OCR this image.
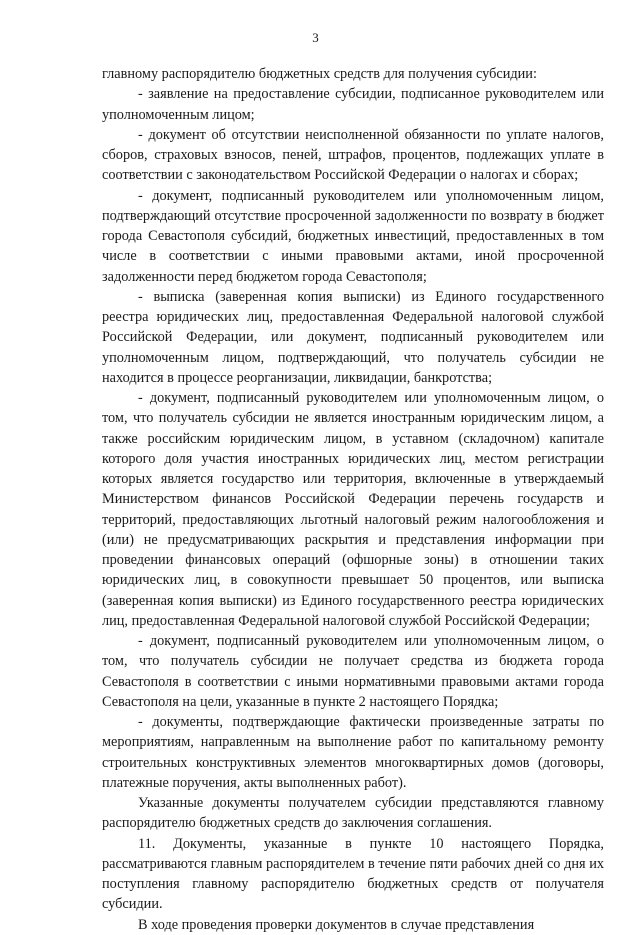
3

главному распорядителю бюджетных средств для получения субсидии:

- заявление на предоставление субсидии, подписанное руководителем или уполномоченным лицом;

- документ об отсутствии неисполненной обязанности по уплате налогов, сборов, страховых взносов, пеней, штрафов, процентов, подлежащих уплате в соответствии с законодательством Российской Федерации о налогах и сборах;

- документ, подписанный руководителем или уполномоченным лицом, подтверждающий отсутствие просроченной задолженности по возврату в бюджет города Севастополя субсидий, бюджетных инвестиций, предоставленных в том числе в соответствии с иными правовыми актами, иной просроченной задолженности перед бюджетом города Севастополя;

- выписка (заверенная копия выписки) из Единого государственного реестра юридических лиц, предоставленная Федеральной налоговой службой Российской Федерации, или документ, подписанный руководителем или уполномоченным лицом, подтверждающий, что получатель субсидии не находится в процессе реорганизации, ликвидации, банкротства;

- документ, подписанный руководителем или уполномоченным лицом, о том, что получатель субсидии не является иностранным юридическим лицом, а также российским юридическим лицом, в уставном (складочном) капитале которого доля участия иностранных юридических лиц, местом регистрации которых является государство или территория, включенные в утверждаемый Министерством финансов Российской Федерации перечень государств и территорий, предоставляющих льготный налоговый режим налогообложения и (или) не предусматривающих раскрытия и представления информации при проведении финансовых операций (офшорные зоны) в отношении таких юридических лиц, в совокупности превышает 50 процентов, или выписка (заверенная копия выписки) из Единого государственного реестра юридических лиц, предоставленная Федеральной налоговой службой Российской Федерации;

- документ, подписанный руководителем или уполномоченным лицом, о том, что получатель субсидии не получает средства из бюджета города Севастополя в соответствии с иными нормативными правовыми актами города Севастополя на цели, указанные в пункте 2 настоящего Порядка;

- документы, подтверждающие фактически произведенные затраты по мероприятиям, направленным на выполнение работ по капитальному ремонту строительных конструктивных элементов многоквартирных домов (договоры, платежные поручения, акты выполненных работ).

Указанные документы получателем субсидии представляются главному распорядителю бюджетных средств до заключения соглашения.

11. Документы, указанные в пункте 10 настоящего Порядка, рассматриваются главным распорядителем в течение пяти рабочих дней со дня их поступления главному распорядителю бюджетных средств от получателя субсидии.

В ходе проведения проверки документов в случае представления
